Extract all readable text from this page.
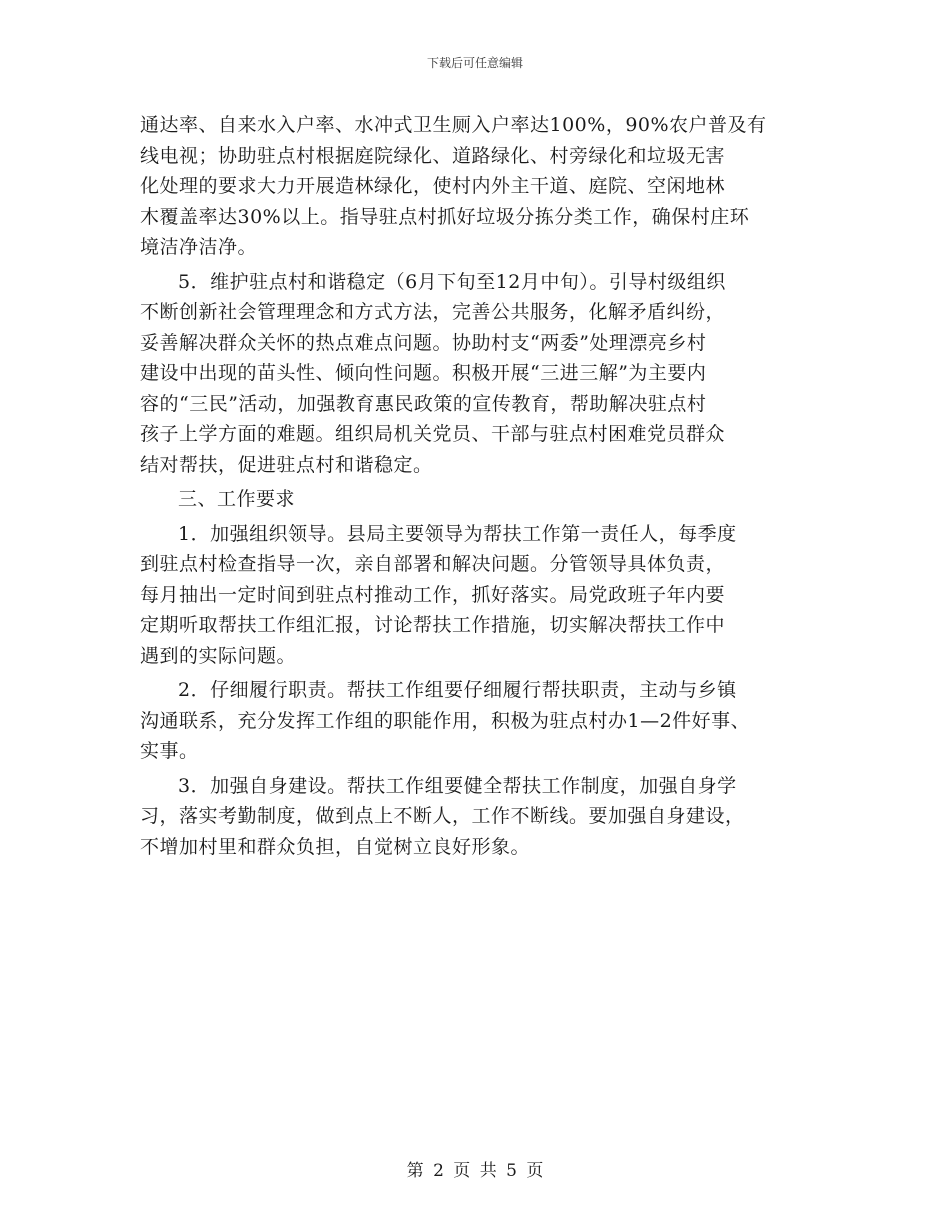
下载后可任意编辑
通达率、自来水入户率、水冲式卫生厕入户率达100%，90%农户普及有
线电视；协助驻点村根据庭院绿化、道路绿化、村旁绿化和垃圾无害
化处理的要求大力开展造林绿化，使村内外主干道、庭院、空闲地林
木覆盖率达30%以上。指导驻点村抓好垃圾分拣分类工作，确保村庄环
境洁净洁净。
5．维护驻点村和谐稳定（6月下旬至12月中旬）。引导村级组织
不断创新社会管理理念和方式方法，完善公共服务，化解矛盾纠纷，
妥善解决群众关怀的热点难点问题。协助村支“两委”处理漂亮乡村
建设中出现的苗头性、倾向性问题。积极开展“三进三解”为主要内
容的“三民”活动，加强教育惠民政策的宣传教育，帮助解决驻点村
孩子上学方面的难题。组织局机关党员、干部与驻点村困难党员群众
结对帮扶，促进驻点村和谐稳定。
三、工作要求
1．加强组织领导。县局主要领导为帮扶工作第一责任人，每季度
到驻点村检查指导一次，亲自部署和解决问题。分管领导具体负责，
每月抽出一定时间到驻点村推动工作，抓好落实。局党政班子年内要
定期听取帮扶工作组汇报，讨论帮扶工作措施，切实解决帮扶工作中
遇到的实际问题。
2．仔细履行职责。帮扶工作组要仔细履行帮扶职责，主动与乡镇
沟通联系，充分发挥工作组的职能作用，积极为驻点村办1—2件好事、
实事。
3．加强自身建设。帮扶工作组要健全帮扶工作制度，加强自身学
习，落实考勤制度，做到点上不断人，工作不断线。要加强自身建设，
不增加村里和群众负担，自觉树立良好形象。
第 2 页 共 5 页
